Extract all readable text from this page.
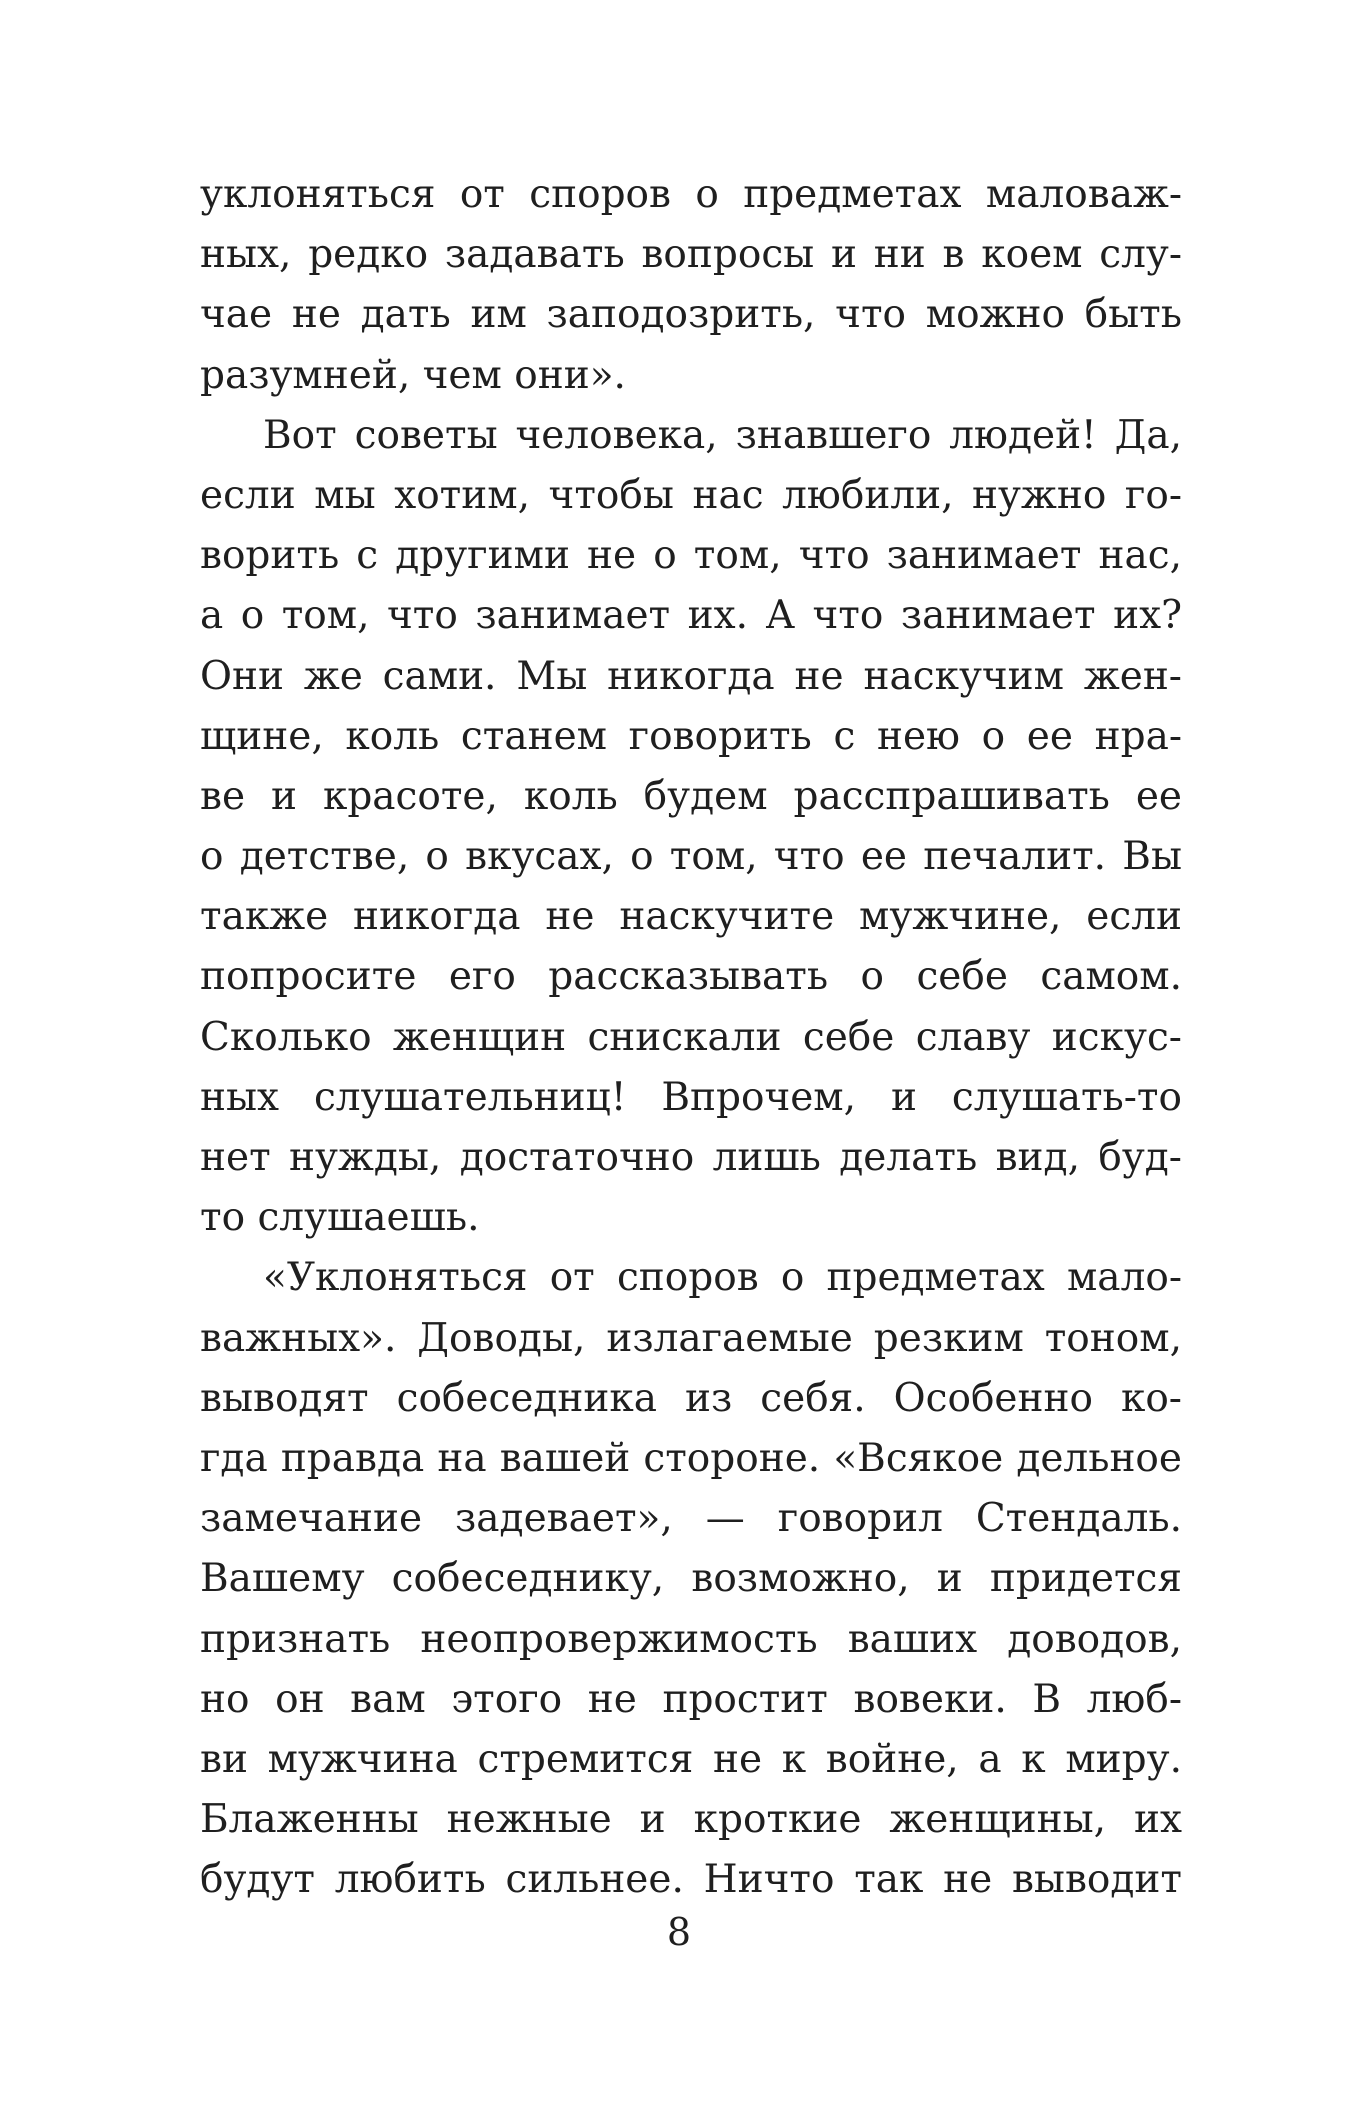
уклоняться от споров о предметах маловаж-
ных, редко задавать вопросы и ни в коем слу-
чае не дать им заподозрить, что можно быть
разумней, чем они».
Вот советы человека, знавшего людей! Да,
если мы хотим, чтобы нас любили, нужно го-
ворить с другими не о том, что занимает нас,
а о том, что занимает их. А что занимает их?
Они же сами. Мы никогда не наскучим жен-
щине, коль станем говорить с нею о ее нра-
ве и красоте, коль будем расспрашивать ее
о детстве, о вкусах, о том, что ее печалит. Вы
также никогда не наскучите мужчине, если
попросите его рассказывать о себе самом.
Сколько женщин снискали себе славу искус-
ных слушательниц! Впрочем, и слушать-то
нет нужды, достаточно лишь делать вид, буд-
то слушаешь.
«Уклоняться от споров о предметах мало-
важных». Доводы, излагаемые резким тоном,
выводят собеседника из себя. Особенно ко-
гда правда на вашей стороне. «Всякое дельное
замечание задевает», — говорил Стендаль.
Вашему собеседнику, возможно, и придется
признать неопровержимость ваших доводов,
но он вам этого не простит вовеки. В люб-
ви мужчина стремится не к войне, а к миру.
Блаженны нежные и кроткие женщины, их
будут любить сильнее. Ничто так не выводит
8
